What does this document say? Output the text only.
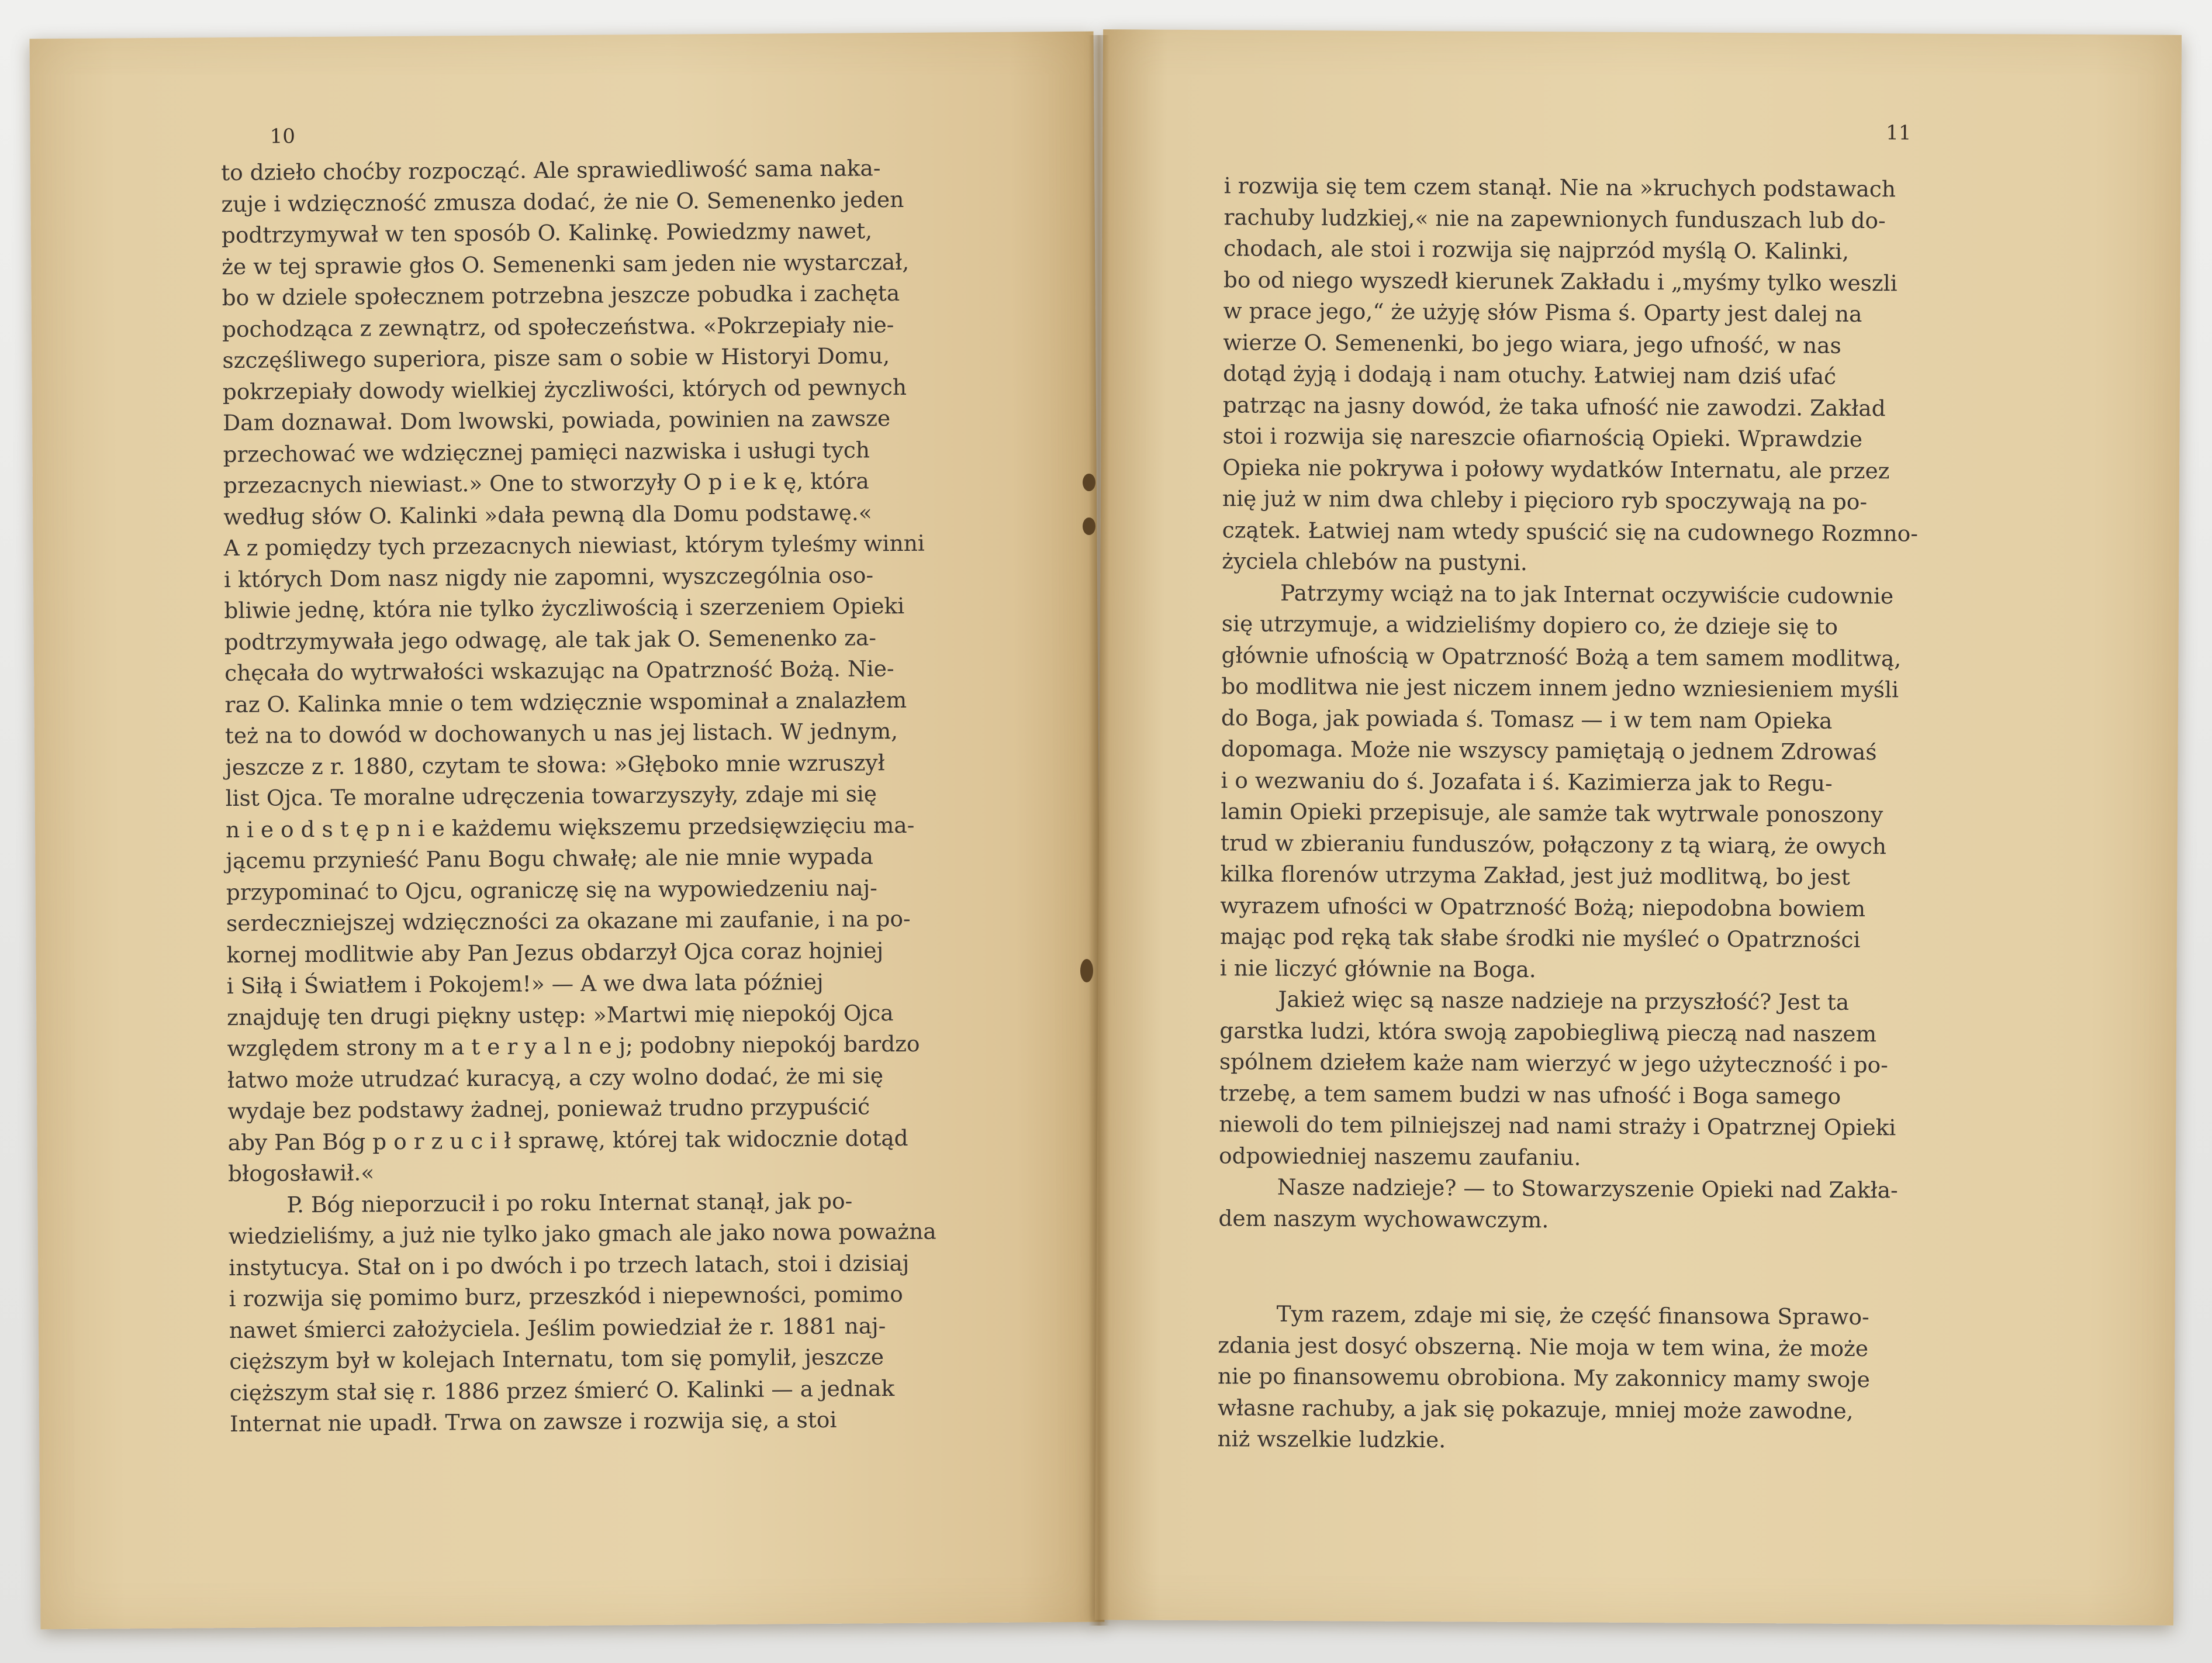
10
to dzieło choćby rozpocząć. Ale sprawiedliwość sama naka-
zuje i wdzięczność zmusza dodać, że nie O. Semenenko jeden
podtrzymywał w ten sposób O. Kalinkę. Powiedzmy nawet,
że w tej sprawie głos O. Semenenki sam jeden nie wystarczał,
bo w dziele społecznem potrzebna jeszcze pobudka i zachęta
pochodząca z zewnątrz, od społeczeństwa. «Pokrzepiały nie-
szczęśliwego superiora, pisze sam o sobie w Historyi Domu,
pokrzepiały dowody wielkiej życzliwości, których od pewnych
Dam doznawał. Dom lwowski, powiada, powinien na zawsze
przechować we wdzięcznej pamięci nazwiska i usługi tych
przezacnych niewiast.» One to stworzyły O p i e k ę, która
według słów O. Kalinki »dała pewną dla Domu podstawę.«
A z pomiędzy tych przezacnych niewiast, którym tyleśmy winni
i których Dom nasz nigdy nie zapomni, wyszczególnia oso-
bliwie jednę, która nie tylko życzliwością i szerzeniem Opieki
podtrzymywała jego odwagę, ale tak jak O. Semenenko za-
chęcała do wytrwałości wskazując na Opatrzność Bożą. Nie-
raz O. Kalinka mnie o tem wdzięcznie wspominał a znalazłem
też na to dowód w dochowanych u nas jej listach. W jednym,
jeszcze z r. 1880, czytam te słowa: »Głęboko mnie wzruszył
list Ojca. Te moralne udręczenia towarzyszyły, zdaje mi się
n i e o d s t ę p n i e każdemu większemu przedsięwzięciu ma-
jącemu przynieść Panu Bogu chwałę; ale nie mnie wypada
przypominać to Ojcu, ograniczę się na wypowiedzeniu naj-
serdeczniejszej wdzięczności za okazane mi zaufanie, i na po-
kornej modlitwie aby Pan Jezus obdarzył Ojca coraz hojniej
i Siłą i Światłem i Pokojem!» — A we dwa lata później
znajduję ten drugi piękny ustęp: »Martwi mię niepokój Ojca
względem strony m a t e r y a l n e j; podobny niepokój bardzo
łatwo może utrudzać kuracyą, a czy wolno dodać, że mi się
wydaje bez podstawy żadnej, ponieważ trudno przypuścić
aby Pan Bóg p o r z u c i ł sprawę, której tak widocznie dotąd
błogosławił.«
P. Bóg nieporzucił i po roku Internat stanął, jak po-
wiedzieliśmy, a już nie tylko jako gmach ale jako nowa poważna
instytucya. Stał on i po dwóch i po trzech latach, stoi i dzisiaj
i rozwija się pomimo burz, przeszkód i niepewności, pomimo
nawet śmierci założyciela. Jeślim powiedział że r. 1881 naj-
cięższym był w kolejach Internatu, tom się pomylił, jeszcze
cięższym stał się r. 1886 przez śmierć O. Kalinki — a jednak
Internat nie upadł. Trwa on zawsze i rozwija się, a stoi
11
i rozwija się tem czem stanął. Nie na »kruchych podstawach
rachuby ludzkiej,« nie na zapewnionych funduszach lub do-
chodach, ale stoi i rozwija się najprzód myślą O. Kalinki,
bo od niego wyszedł kierunek Zakładu i „myśmy tylko weszli
w prace jego,“ że użyję słów Pisma ś. Oparty jest dalej na
wierze O. Semenenki, bo jego wiara, jego ufność, w nas
dotąd żyją i dodają i nam otuchy. Łatwiej nam dziś ufać
patrząc na jasny dowód, że taka ufność nie zawodzi. Zakład
stoi i rozwija się nareszcie ofiarnością Opieki. Wprawdzie
Opieka nie pokrywa i połowy wydatków Internatu, ale przez
nię już w nim dwa chleby i pięcioro ryb spoczywają na po-
czątek. Łatwiej nam wtedy spuścić się na cudownego Rozmno-
życiela chlebów na pustyni.
Patrzymy wciąż na to jak Internat oczywiście cudownie
się utrzymuje, a widzieliśmy dopiero co, że dzieje się to
głównie ufnością w Opatrzność Bożą a tem samem modlitwą,
bo modlitwa nie jest niczem innem jedno wzniesieniem myśli
do Boga, jak powiada ś. Tomasz — i w tem nam Opieka
dopomaga. Może nie wszyscy pamiętają o jednem Zdrowaś
i o wezwaniu do ś. Jozafata i ś. Kazimierza jak to Regu-
lamin Opieki przepisuje, ale samże tak wytrwale ponoszony
trud w zbieraniu funduszów, połączony z tą wiarą, że owych
kilka florenów utrzyma Zakład, jest już modlitwą, bo jest
wyrazem ufności w Opatrzność Bożą; niepodobna bowiem
mając pod ręką tak słabe środki nie myśleć o Opatrzności
i nie liczyć głównie na Boga.
Jakież więc są nasze nadzieje na przyszłość? Jest ta
garstka ludzi, która swoją zapobiegliwą pieczą nad naszem
spólnem dziełem każe nam wierzyć w jego użyteczność i po-
trzebę, a tem samem budzi w nas ufność i Boga samego
niewoli do tem pilniejszej nad nami straży i Opatrznej Opieki
odpowiedniej naszemu zaufaniu.
Nasze nadzieje? — to Stowarzyszenie Opieki nad Zakła-
dem naszym wychowawczym.
Tym razem, zdaje mi się, że część finansowa Sprawo-
zdania jest dosyć obszerną. Nie moja w tem wina, że może
nie po finansowemu obrobiona. My zakonnicy mamy swoje
własne rachuby, a jak się pokazuje, mniej może zawodne,
niż wszelkie ludzkie.
